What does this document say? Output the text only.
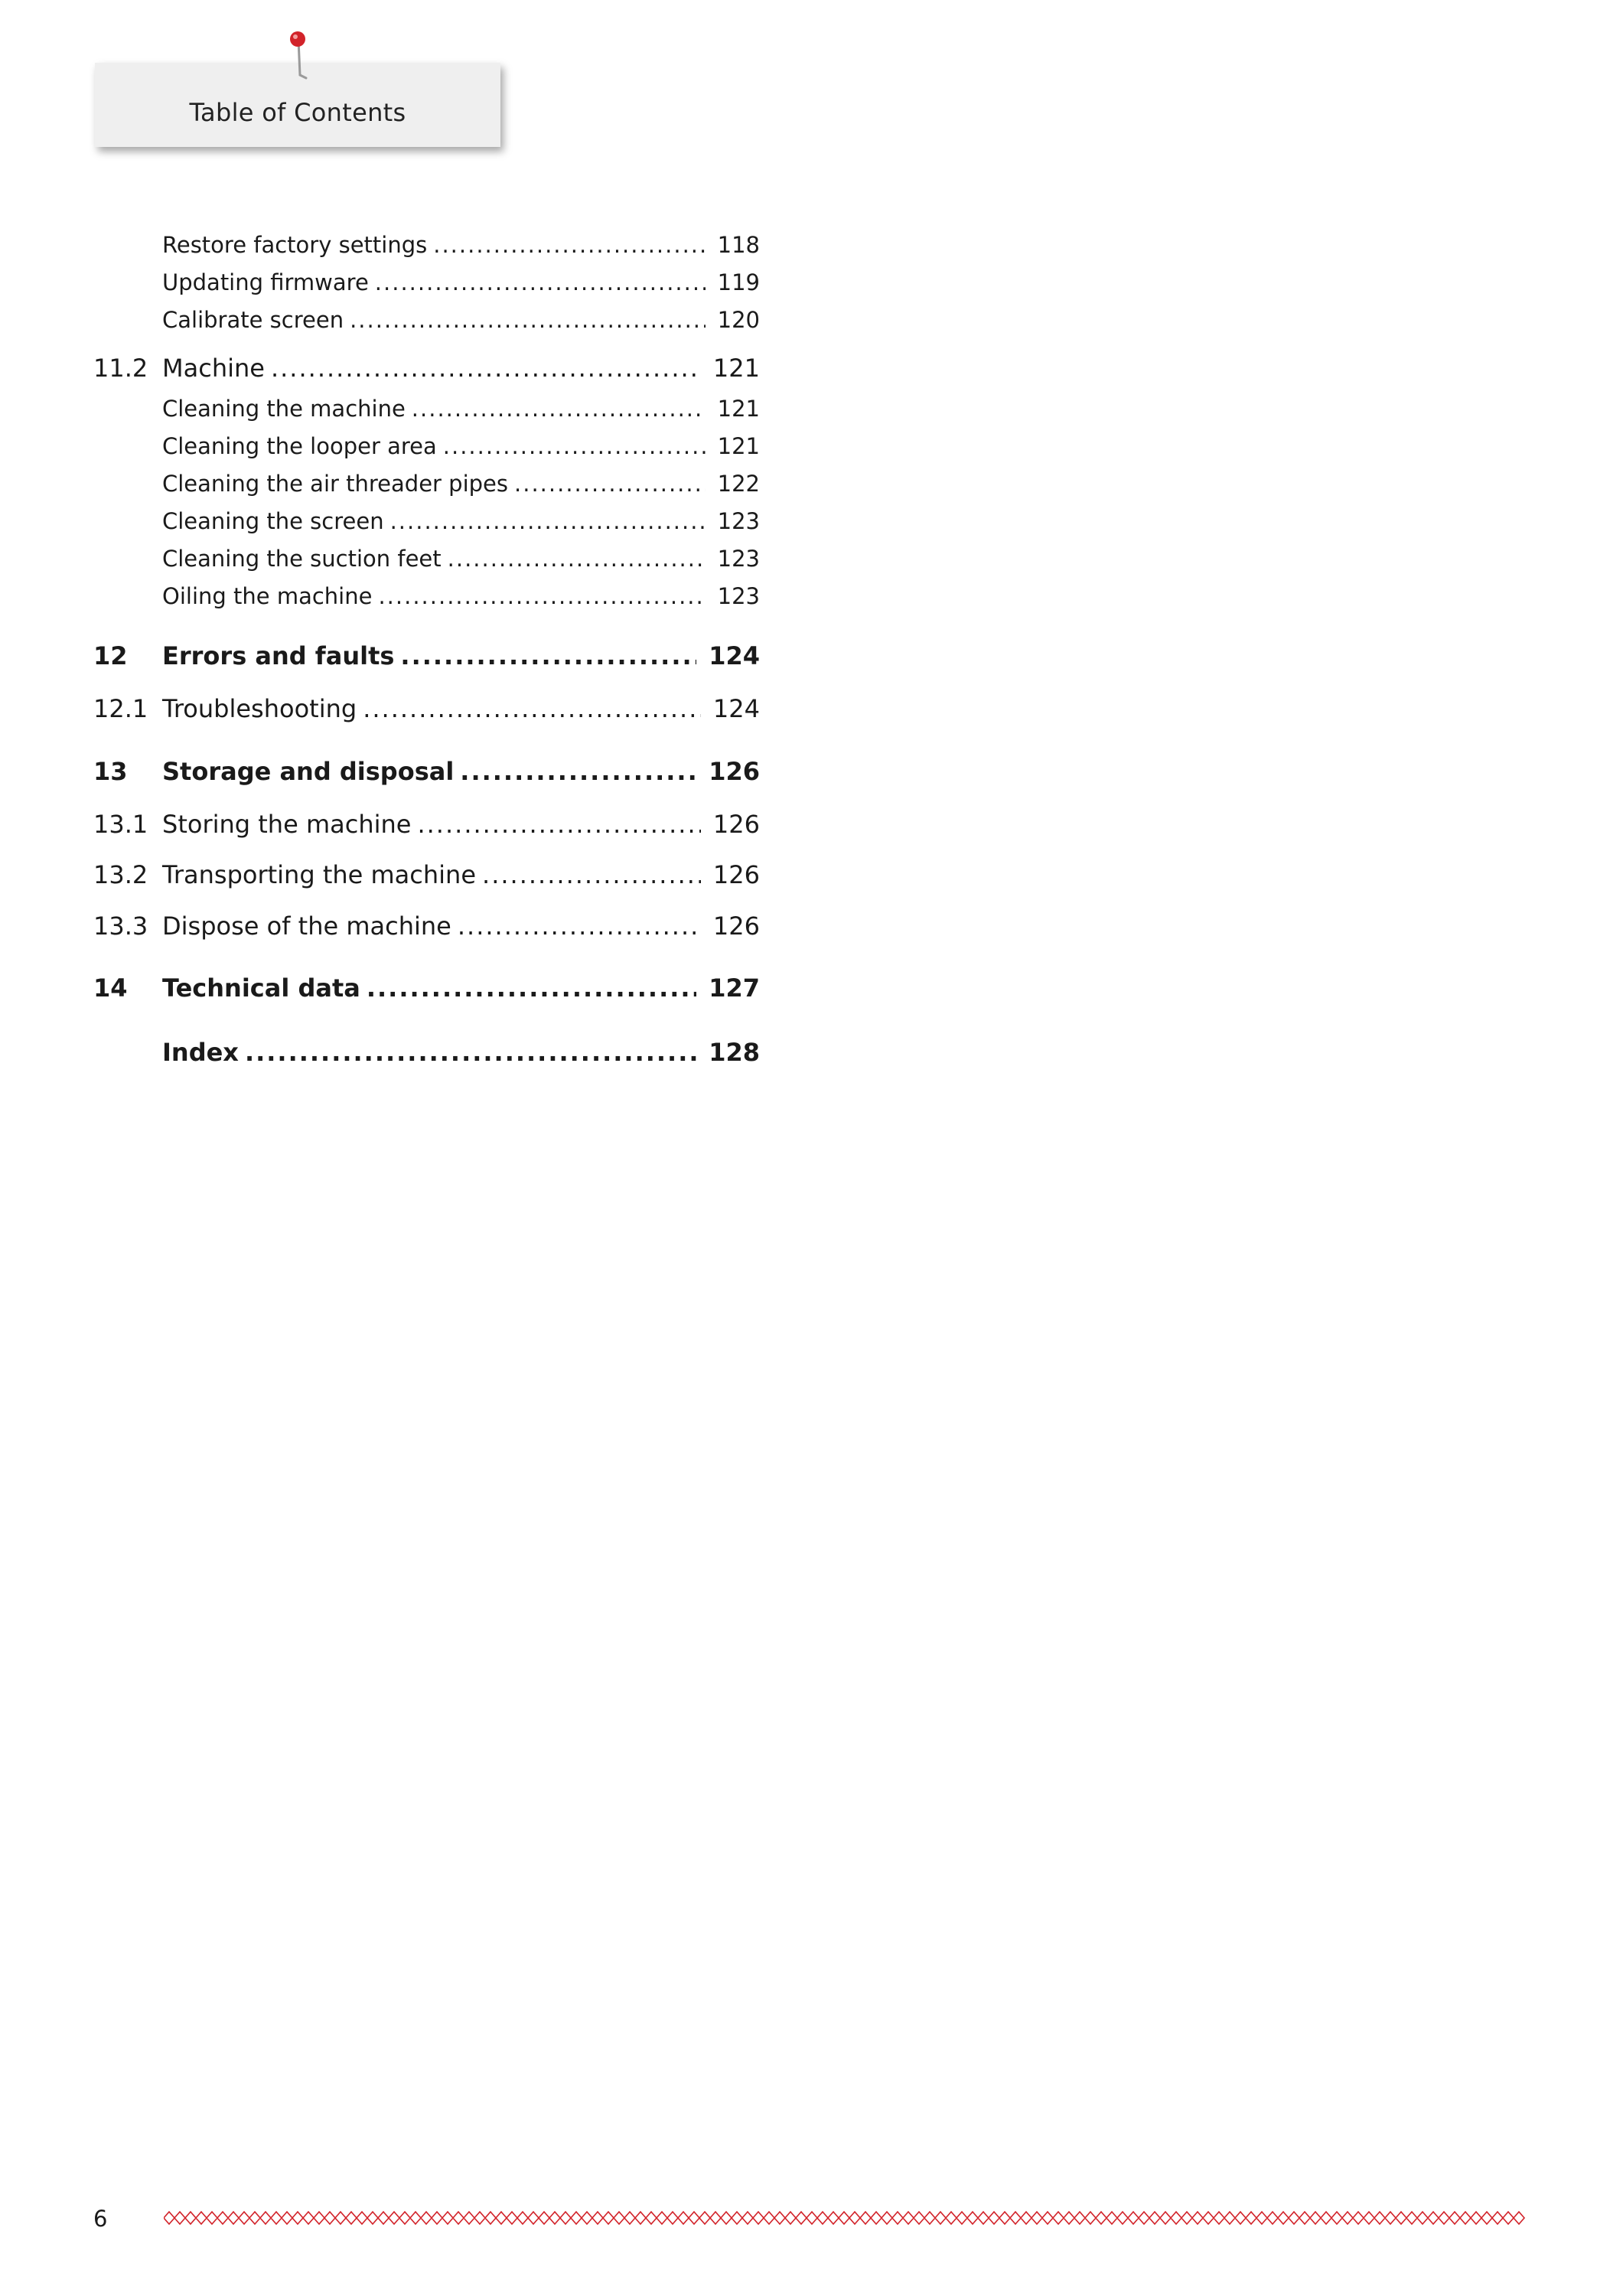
Table of Contents
Restore factory settings .....	118
Updating firmware .....	119
Calibrate screen .....	120
11.2 Machine .....	121
Cleaning the machine .....	121
Cleaning the looper area .....	121
Cleaning the air threader pipes .....	122
Cleaning the screen .....	123
Cleaning the suction feet .....	123
Oiling the machine .....	123
12	Errors and faults .....	124
12.1 Troubleshooting .....	124
13	Storage and disposal .....	126
13.1 Storing the machine .....	126
13.2 Transporting the machine .....	126
13.3 Dispose of the machine .....	126
14	Technical data .....	127
Index .....	128
6
